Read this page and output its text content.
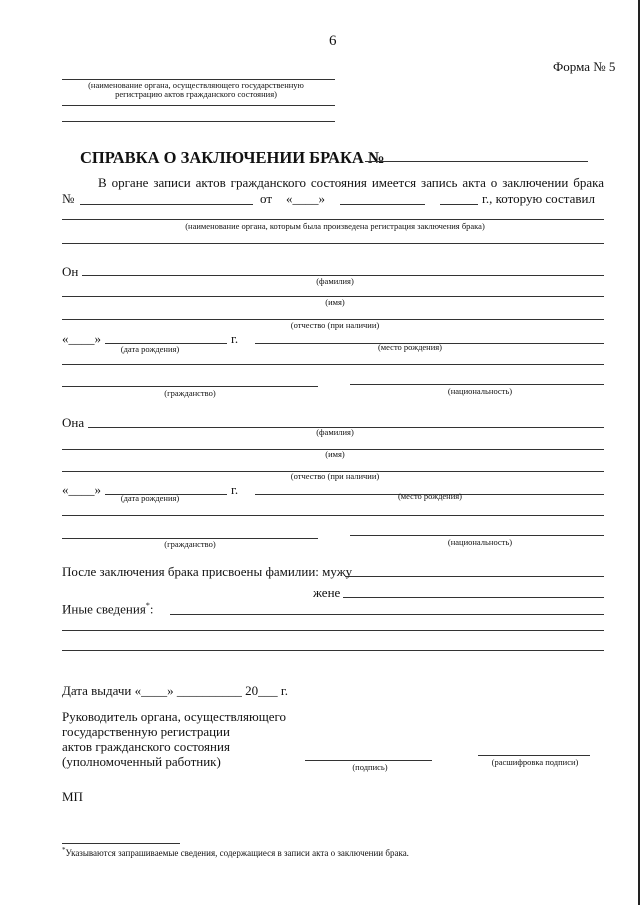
6
Форма № 5
(наименование органа, осуществляющего государственную
регистрацию актов гражданского состояния)
СПРАВКА О ЗАКЛЮЧЕНИИ БРАКА №
В органе записи актов гражданского состояния имеется запись акта о заключении брака
№	от «____»	г., которую составил
(наименование органа, которым была произведена регистрация заключения брака)
Он
(фамилия)
(имя)
(отчество (при наличии)
«____»	г.
(дата рождения)	(место рождения)
(гражданство)	(национальность)
Она
(фамилия)
(имя)
(отчество (при наличии)
«____»	г.
(дата рождения)	(место рождения)
(гражданство)	(национальность)
После заключения брака присвоены фамилии: мужу
жене
Иные сведения*:
Дата выдачи «____» __________ 20___ г.
Руководитель органа, осуществляющего
государственную регистрации
актов гражданского состояния
(уполномоченный работник)	(подпись)	(расшифровка подписи)
МП
*Указываются запрашиваемые сведения, содержащиеся в записи акта о заключении брака.
